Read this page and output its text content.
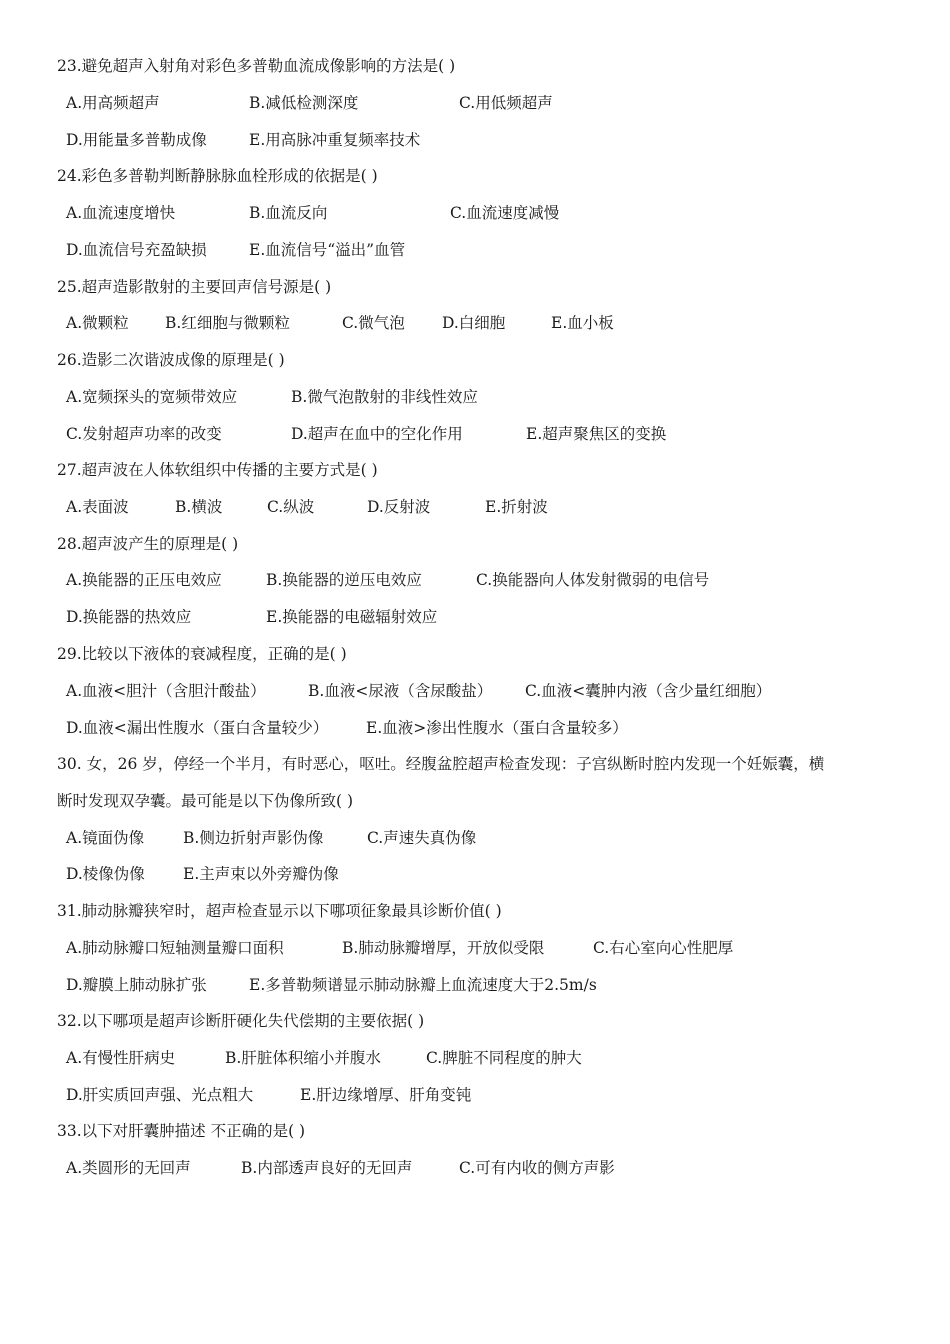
23.避免超声入射角对彩色多普勒血流成像影响的方法是( )
A.用高频超声	B.减低检测深度	C.用低频超声
D.用能量多普勒成像	E.用高脉冲重复频率技术
24.彩色多普勒判断静脉脉血栓形成的依据是( )
A.血流速度增快	B.血流反向	C.血流速度减慢
D.血流信号充盈缺损	E.血流信号“溢出”血管
25.超声造影散射的主要回声信号源是( )
A.微颗粒 B.红细胞与微颗粒	C.微气泡 D.白细胞	E.血小板
26.造影二次谐波成像的原理是( )
A.宽频探头的宽频带效应	B.微气泡散射的非线性效应
C.发射超声功率的改变	D.超声在血中的空化作用	E.超声聚焦区的变换
27.超声波在人体软组织中传播的主要方式是( )
A.表面波	B.横波	C.纵波	D.反射波	E.折射波
28.超声波产生的原理是( )
A.换能器的正压电效应	B.换能器的逆压电效应	C.换能器向人体发射微弱的电信号
D.换能器的热效应	E.换能器的电磁辐射效应
29.比较以下液体的衰减程度，正确的是( )
A.血液<胆汁（含胆汁酸盐）	B.血液<尿液（含尿酸盐） C.血液<囊肿内液（含少量红细胞）
D.血液<漏出性腹水（蛋白含量较少） E.血液>渗出性腹水（蛋白含量较多）
30. 女，26 岁，停经一个半月，有时恶心，呕吐。经腹盆腔超声检查发现：子宫纵断时腔内发现一个妊娠囊，横
断时发现双孕囊。最可能是以下伪像所致( )
A.镜面伪像	B.侧边折射声影伪像	C.声速失真伪像
D.棱像伪像 E.主声束以外旁瓣伪像
31.肺动脉瓣狭窄时，超声检查显示以下哪项征象最具诊断价值( )
A.肺动脉瓣口短轴测量瓣口面积	B.肺动脉瓣增厚，开放似受限	C.右心室向心性肥厚
D.瓣膜上肺动脉扩张	E.多普勒频谱显示肺动脉瓣上血流速度大于2.5m/s
32.以下哪项是超声诊断肝硬化失代偿期的主要依据( )
A.有慢性肝病史	B.肝脏体积缩小并腹水	C.脾脏不同程度的肿大
D.肝实质回声强、光点粗大	E.肝边缘增厚、肝角变钝
33.以下对肝囊肿描述 不正确的是( )
A.类圆形的无回声	B.内部透声良好的无回声	C.可有内收的侧方声影
